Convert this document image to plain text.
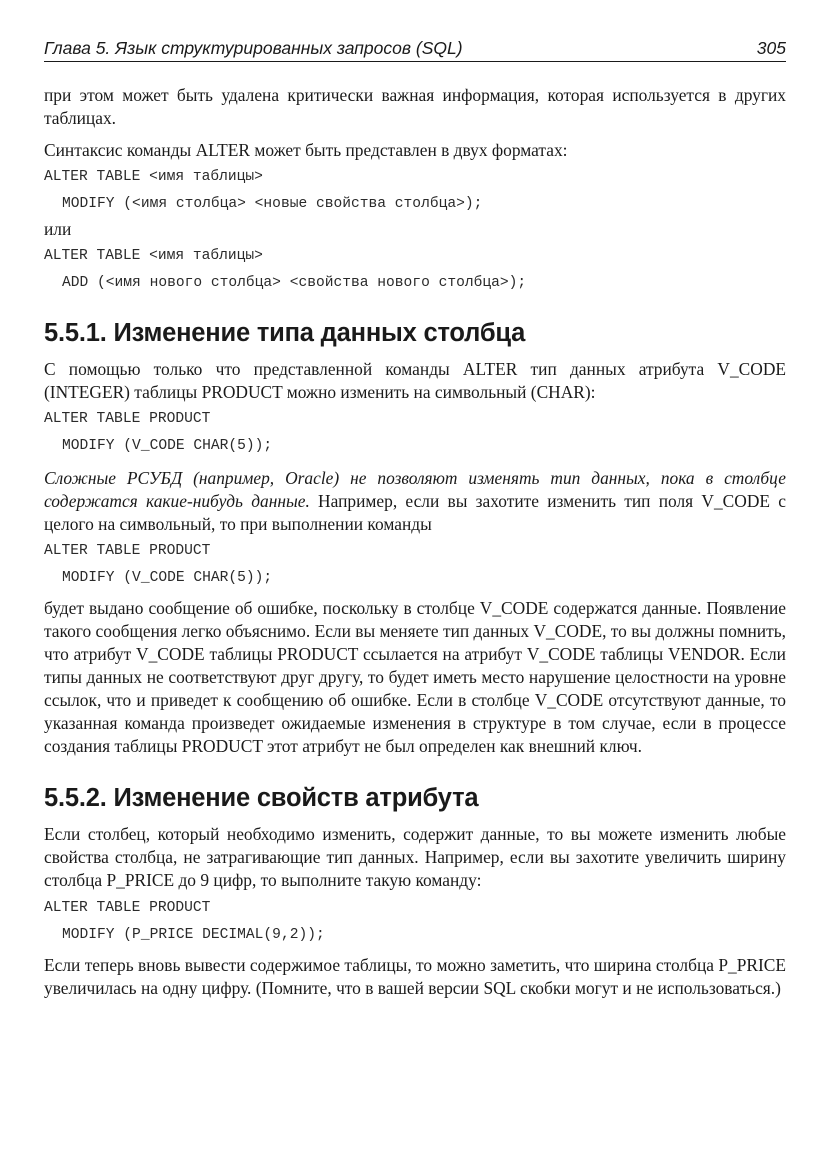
Глава 5. Язык структурированных запросов (SQL)	305

при этом может быть удалена критически важная информация, которая используется в других таблицах.

Синтаксис команды ALTER может быть представлен в двух форматах:

ALTER TABLE <имя таблицы>
MODIFY (<имя столбца> <новые свойства столбца>);

или

ALTER TABLE <имя таблицы>
ADD (<имя нового столбца> <свойства нового столбца>);
5.5.1. Изменение типа данных столбца

С помощью только что представленной команды ALTER тип данных атрибута V_CODE (INTEGER) таблицы PRODUCT можно изменить на символьный (CHAR):

ALTER TABLE PRODUCT
MODIFY (V_CODE CHAR(5));

Сложные РСУБД (например, Oracle) не позволяют изменять тип данных, пока в столбце содержатся какие-нибудь данные. Например, если вы захотите изменить тип поля V_CODE с целого на символьный, то при выполнении команды

ALTER TABLE PRODUCT
MODIFY (V_CODE CHAR(5));

будет выдано сообщение об ошибке, поскольку в столбце V_CODE содержатся данные. Появление такого сообщения легко объяснимо. Если вы меняете тип данных V_CODE, то вы должны помнить, что атрибут V_CODE таблицы PRODUCT ссылается на атрибут V_CODE таблицы VENDOR. Если типы данных не соответствуют друг другу, то будет иметь место нарушение целостности на уровне ссылок, что и приведет к сообщению об ошибке. Если в столбце V_CODE отсутствуют данные, то указанная команда произведет ожидаемые изменения в структуре в том случае, если в процессе создания таблицы PRODUCT этот атрибут не был определен как внешний ключ.

5.5.2. Изменение свойств атрибута

Если столбец, который необходимо изменить, содержит данные, то вы можете изменить любые свойства столбца, не затрагивающие тип данных. Например, если вы захотите увеличить ширину столбца P_PRICE до 9 цифр, то выполните такую команду:

ALTER TABLE PRODUCT
MODIFY (P_PRICE DECIMAL(9,2));

Если теперь вновь вывести содержимое таблицы, то можно заметить, что ширина столбца P_PRICE увеличилась на одну цифру. (Помните, что в вашей версии SQL скобки могут и не использоваться.)
